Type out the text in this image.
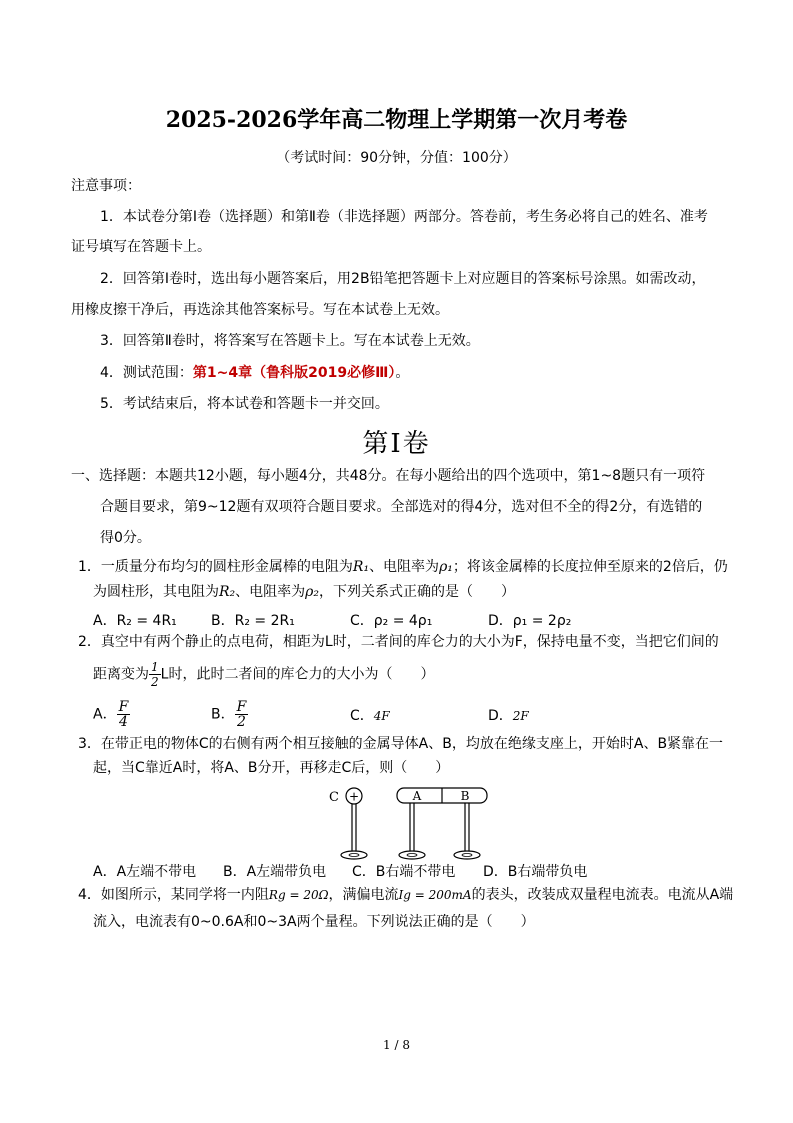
2025-2026学年高二物理上学期第一次月考卷
（考试时间：90分钟，分值：100分）
注意事项：
1．本试卷分第Ⅰ卷（选择题）和第Ⅱ卷（非选择题）两部分。答卷前，考生务必将自己的姓名、准考
证号填写在答题卡上。
2．回答第Ⅰ卷时，选出每小题答案后，用2B铅笔把答题卡上对应题目的答案标号涂黑。如需改动，
用橡皮擦干净后，再选涂其他答案标号。写在本试卷上无效。
3．回答第Ⅱ卷时，将答案写在答题卡上。写在本试卷上无效。
4．测试范围：第1~4章（鲁科版2019必修Ⅲ）。
5．考试结束后，将本试卷和答题卡一并交回。
第Ⅰ卷
一、选择题：本题共12小题，每小题4分，共48分。在每小题给出的四个选项中，第1~8题只有一项符
合题目要求，第9~12题有双项符合题目要求。全部选对的得4分，选对但不全的得2分，有选错的
得0分。
1．一质量分布均匀的圆柱形金属棒的电阻为R₁、电阻率为ρ₁；将该金属棒的长度拉伸至原来的2倍后，仍
为圆柱形，其电阻为R₂、电阻率为ρ₂，下列关系式正确的是（　　）
A．R₂ = 4R₁ B．R₂ = 2R₁	C．ρ₂ = 4ρ₁	D．ρ₁ = 2ρ₂
2．真空中有两个静止的点电荷，相距为L时，二者间的库仑力的大小为F，保持电量不变，当把它们间的
距离变为 $\frac{1}{2}$ L时，此时二者间的库仑力的大小为（　　）
A． $\frac{F}{4}$	B． $\frac{F}{2}$	C．4F	D．2F
3．在带正电的物体C的右侧有两个相互接触的金属导体A、B，均放在绝缘支座上，开始时A、B紧靠在一
起，当C靠近A时，将A、B分开，再移走C后，则（　　）
C +	A	B
A．A左端不带电 B．A左端带负电 C．B右端不带电 D．B右端带负电
4．如图所示，某同学将一内阻Rg = 20Ω，满偏电流Ig = 200mA的表头，改装成双量程电流表。电流从A端
流入，电流表有0~0.6A和0~3A两个量程。下列说法正确的是（　　）
1 / 8
